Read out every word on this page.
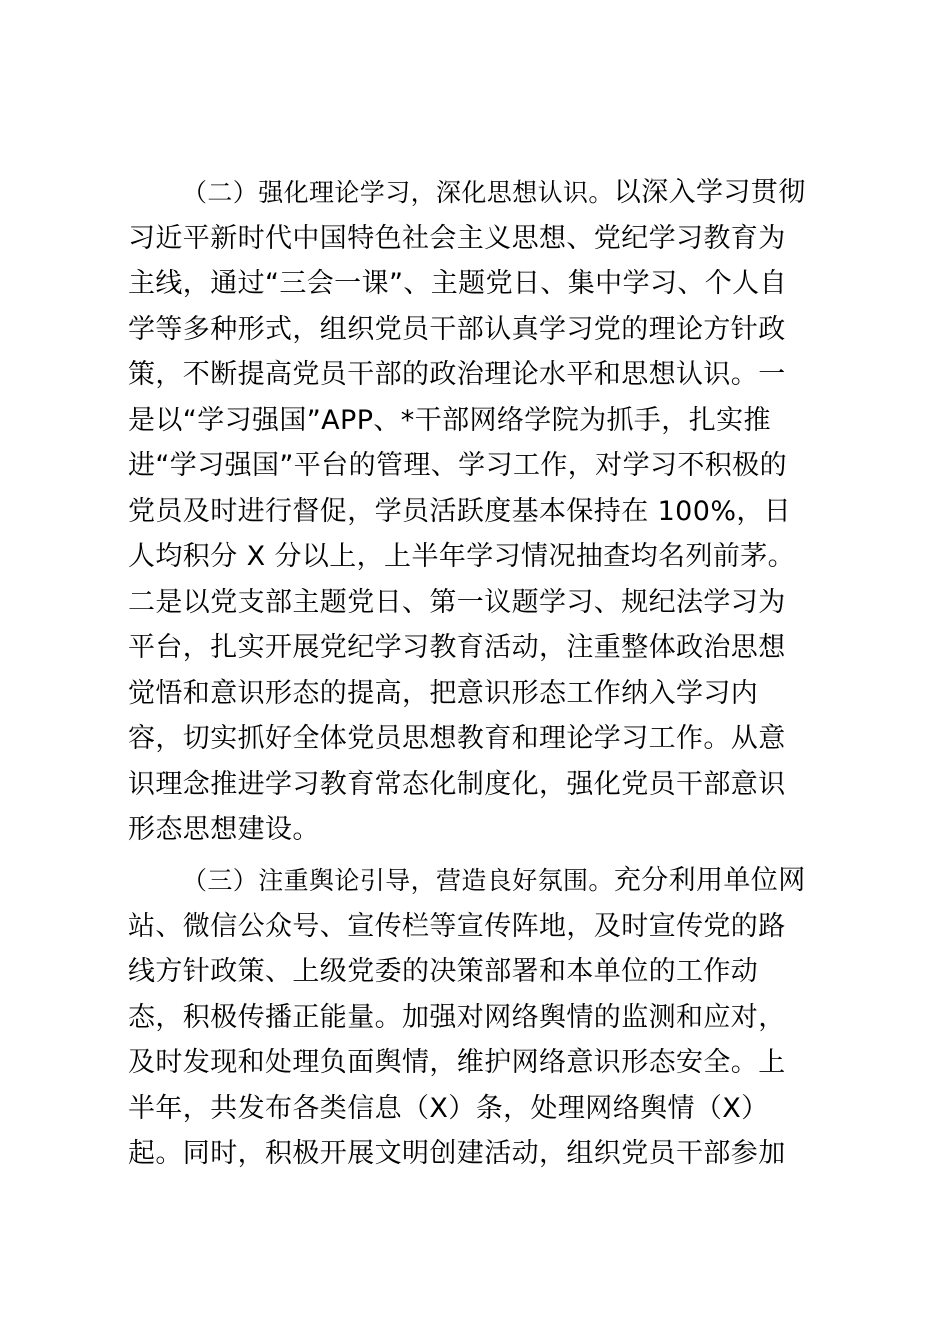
（二）强化理论学习，深化思想认识。以深入学习贯彻
习近平新时代中国特色社会主义思想、党纪学习教育为
主线，通过“三会一课”、主题党日、集中学习、个人自
学等多种形式，组织党员干部认真学习党的理论方针政
策，不断提高党员干部的政治理论水平和思想认识。一
是以“学习强国”APP、*干部网络学院为抓手，扎实推
进“学习强国”平台的管理、学习工作，对学习不积极的
党员及时进行督促，学员活跃度基本保持在 100%，日
人均积分 X 分以上，上半年学习情况抽查均名列前茅。
二是以党支部主题党日、第一议题学习、规纪法学习为
平台，扎实开展党纪学习教育活动，注重整体政治思想
觉悟和意识形态的提高，把意识形态工作纳入学习内
容，切实抓好全体党员思想教育和理论学习工作。从意
识理念推进学习教育常态化制度化，强化党员干部意识
形态思想建设。
（三）注重舆论引导，营造良好氛围。充分利用单位网
站、微信公众号、宣传栏等宣传阵地，及时宣传党的路
线方针政策、上级党委的决策部署和本单位的工作动
态，积极传播正能量。加强对网络舆情的监测和应对，
及时发现和处理负面舆情，维护网络意识形态安全。上
半年，共发布各类信息（X）条，处理网络舆情（X）
起。同时，积极开展文明创建活动，组织党员干部参加
